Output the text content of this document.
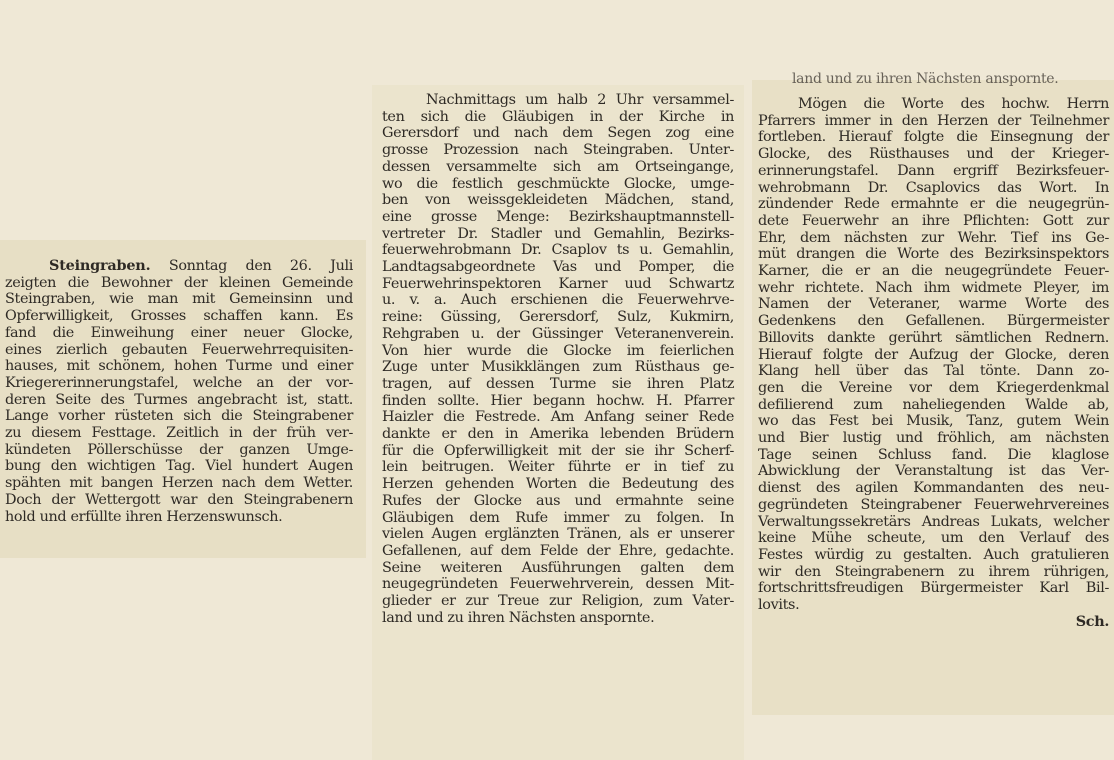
Steingraben. Sonntag den 26. Juli
zeigten die Bewohner der kleinen Gemeinde
Steingraben, wie man mit Gemeinsinn und
Opferwilligkeit, Grosses schaffen kann. Es
fand die Einweihung einer neuer Glocke,
eines zierlich gebauten Feuerwehrrequisiten-
hauses, mit schönem, hohen Turme und einer
Kriegererinnerungstafel, welche an der vor-
deren Seite des Turmes angebracht ist, statt.
Lange vorher rüsteten sich die Steingrabener
zu diesem Festtage. Zeitlich in der früh ver-
kündeten Pöllerschüsse der ganzen Umge-
bung den wichtigen Tag. Viel hundert Augen
spähten mit bangen Herzen nach dem Wetter.
Doch der Wettergott war den Steingrabenern
hold und erfüllte ihren Herzenswunsch.
Nachmittags um halb 2 Uhr versammel-
ten sich die Gläubigen in der Kirche in
Gerersdorf und nach dem Segen zog eine
grosse Prozession nach Steingraben. Unter-
dessen versammelte sich am Ortseingange,
wo die festlich geschmückte Glocke, umge-
ben von weissgekleideten Mädchen, stand,
eine grosse Menge: Bezirkshauptmannstell-
vertreter Dr. Stadler und Gemahlin, Bezirks-
feuerwehrobmann Dr. Csaplov ts u. Gemahlin,
Landtagsabgeordnete Vas und Pomper, die
Feuerwehrinspektoren Karner uud Schwartz
u. v. a. Auch erschienen die Feuerwehrve-
reine: Güssing, Gerersdorf, Sulz, Kukmirn,
Rehgraben u. der Güssinger Veteranenverein.
Von hier wurde die Glocke im feierlichen
Zuge unter Musikklängen zum Rüsthaus ge-
tragen, auf dessen Turme sie ihren Platz
finden sollte. Hier begann hochw. H. Pfarrer
Haizler die Festrede. Am Anfang seiner Rede
dankte er den in Amerika lebenden Brüdern
für die Opferwilligkeit mit der sie ihr Scherf-
lein beitrugen. Weiter führte er in tief zu
Herzen gehenden Worten die Bedeutung des
Rufes der Glocke aus und ermahnte seine
Gläubigen dem Rufe immer zu folgen. In
vielen Augen erglänzten Tränen, als er unserer
Gefallenen, auf dem Felde der Ehre, gedachte.
Seine weiteren Ausführungen galten dem
neugegründeten Feuerwehrverein, dessen Mit-
glieder er zur Treue zur Religion, zum Vater-
land und zu ihren Nächsten anspornte.
Mögen die Worte des hochw. Herrn
Pfarrers immer in den Herzen der Teilnehmer
fortleben. Hierauf folgte die Einsegnung der
Glocke, des Rüsthauses und der Krieger-
erinnerungstafel. Dann ergriff Bezirksfeuer-
wehrobmann Dr. Csaplovics das Wort. In
zündender Rede ermahnte er die neugegrün-
dete Feuerwehr an ihre Pflichten: Gott zur
Ehr, dem nächsten zur Wehr. Tief ins Ge-
müt drangen die Worte des Bezirksinspektors
Karner, die er an die neugegründete Feuer-
wehr richtete. Nach ihm widmete Pleyer, im
Namen der Veteraner, warme Worte des
Gedenkens den Gefallenen. Bürgermeister
Billovits dankte gerührt sämtlichen Rednern.
Hierauf folgte der Aufzug der Glocke, deren
Klang hell über das Tal tönte. Dann zo-
gen die Vereine vor dem Kriegerdenkmal
defilierend zum naheliegenden Walde ab,
wo das Fest bei Musik, Tanz, gutem Wein
und Bier lustig und fröhlich, am nächsten
Tage seinen Schluss fand. Die klaglose
Abwicklung der Veranstaltung ist das Ver-
dienst des agilen Kommandanten des neu-
gegründeten Steingrabener Feuerwehrvereines
Verwaltungssekretärs Andreas Lukats, welcher
keine Mühe scheute, um den Verlauf des
Festes würdig zu gestalten. Auch gratulieren
wir den Steingrabenern zu ihrem rührigen,
fortschrittsfreudigen Bürgermeister Karl Bil-
lovits.
Sch.
land und zu ihren Nächsten anspornte.
